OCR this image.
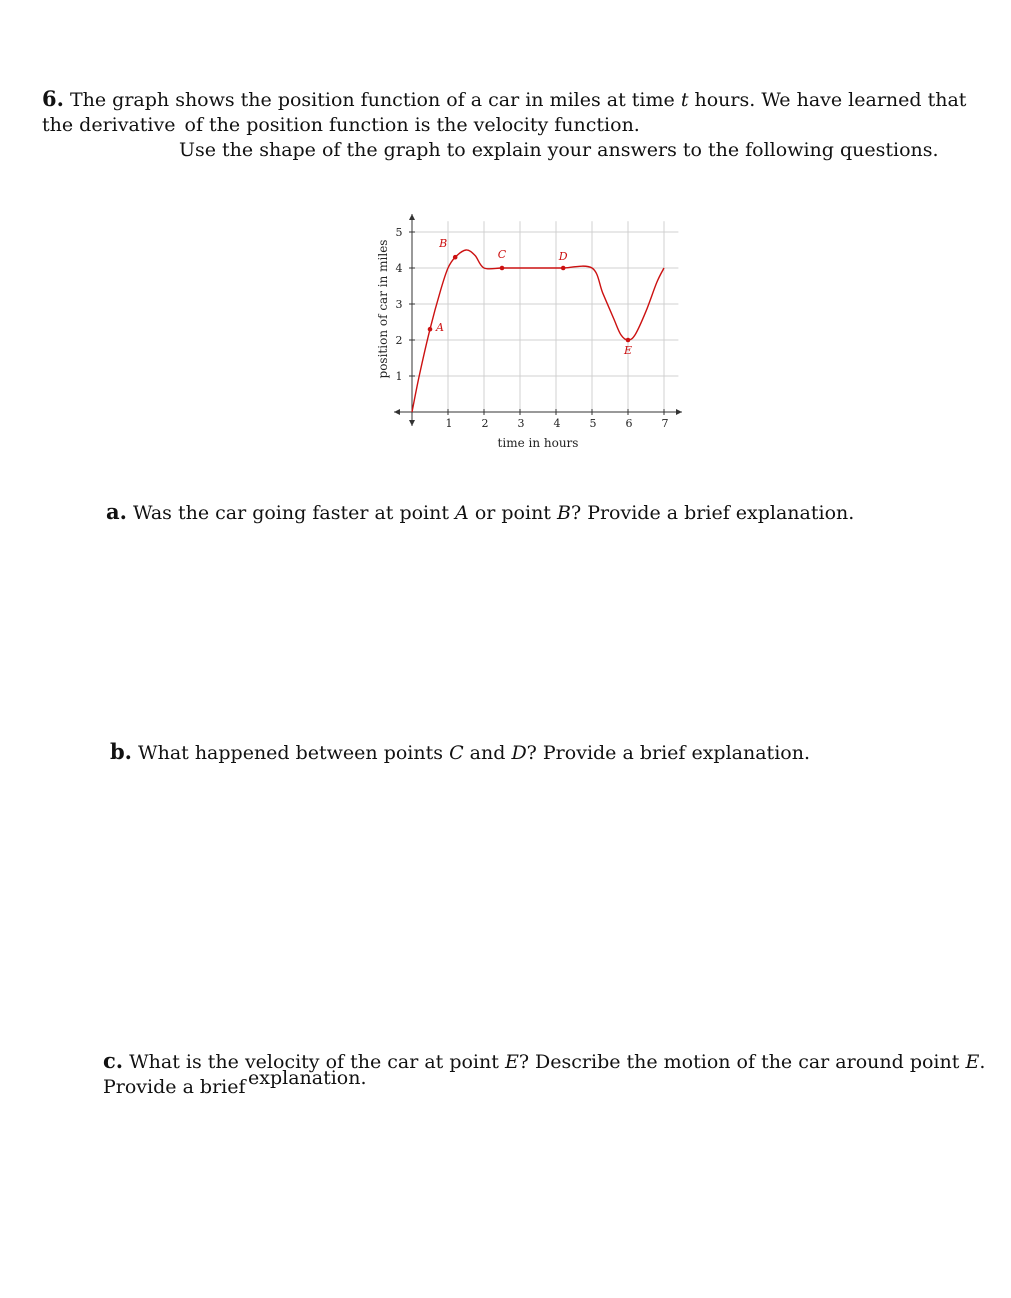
6. The graph shows the position function of a car in miles at time t hours. We have learned that
the derivative of the position function is the velocity function.
Use the shape of the graph to explain your answers to the following questions.
1	2	3	4	5	6	7
1
2
3
4
5
A
B
C	D
E
time in hours
position of car in miles
a. Was the car going faster at point A or point B? Provide a brief explanation.
b. What happened between points C and D? Provide a brief explanation.
c. What is the velocity of the car at point E? Describe the motion of the car around point E.
Provide a brief explanation.
